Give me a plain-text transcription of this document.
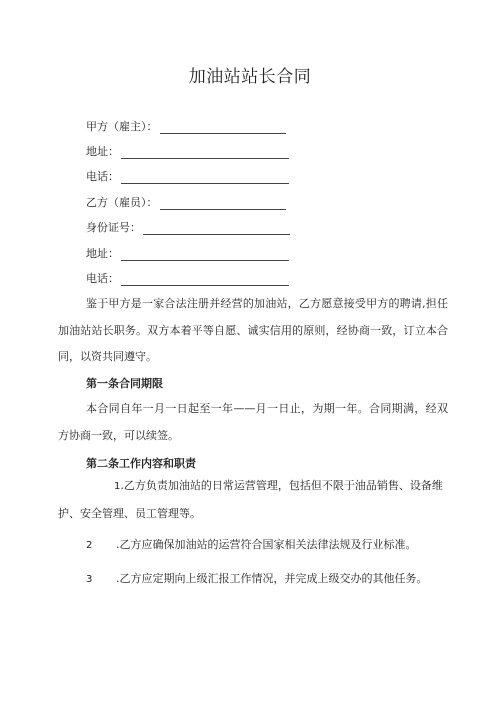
加油站站长合同
甲方（雇主）：
地址：
电话：
乙方（雇员）：
身份证号：
地址：
电话：
鉴于甲方是一家合法注册并经营的加油站，乙方愿意接受甲方的聘请,担任加油站站长职务。双方本着平等自愿、诚实信用的原则，经协商一致，订立本合同，以资共同遵守。
第一条合同期限
本合同自年一月一日起至一年——月一日止，为期一年。合同期满，经双方协商一致，可以续签。
第二条工作内容和职责
1.乙方负责加油站的日常运营管理，包括但不限于油品销售、设备维护、安全管理、员工管理等。
2 .乙方应确保加油站的运营符合国家相关法律法规及行业标准。
3 .乙方应定期向上级汇报工作情况，并完成上级交办的其他任务。
